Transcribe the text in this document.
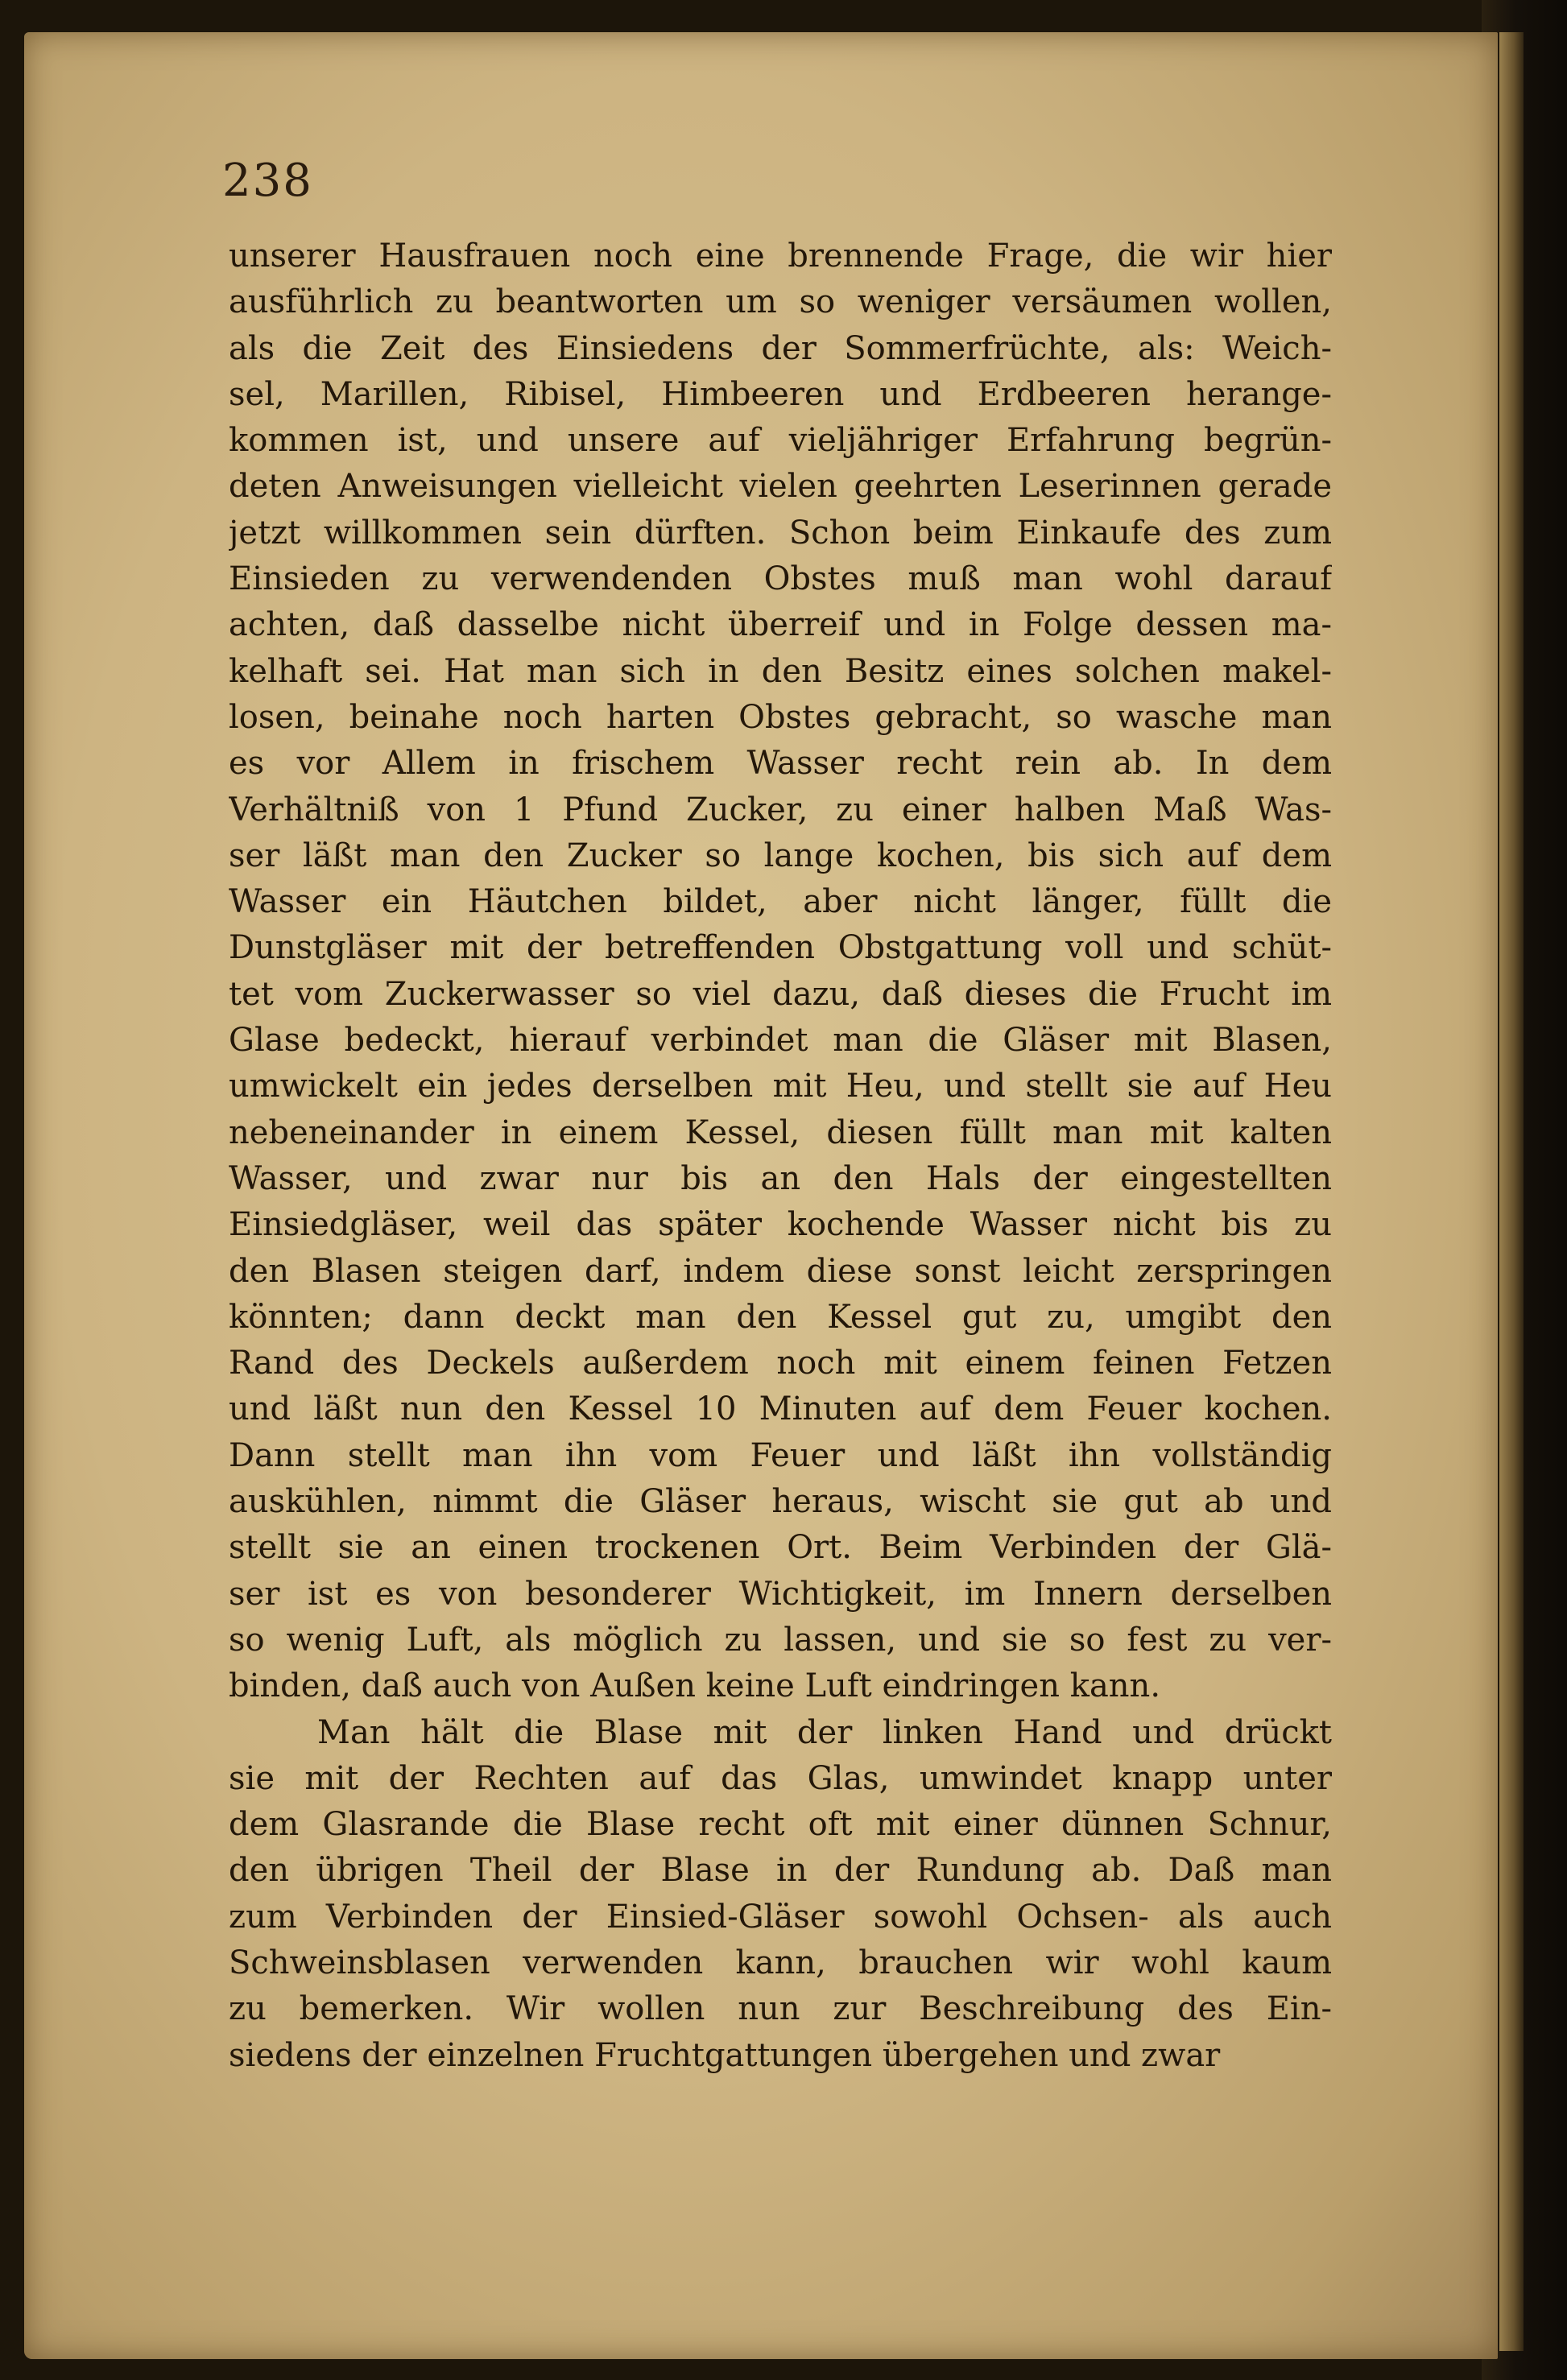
238

unserer Hausfrauen noch eine brennende Frage, die wir hier
ausführlich zu beantworten um so weniger versäumen wollen,
als die Zeit des Einsiedens der Sommerfrüchte, als: Weich-
sel, Marillen, Ribisel, Himbeeren und Erdbeeren herange-
kommen ist, und unsere auf vieljähriger Erfahrung begrün-
deten Anweisungen vielleicht vielen geehrten Leserinnen gerade
jetzt willkommen sein dürften. Schon beim Einkaufe des zum
Einsieden zu verwendenden Obstes muß man wohl darauf
achten, daß dasselbe nicht überreif und in Folge dessen ma-
kelhaft sei. Hat man sich in den Besitz eines solchen makel-
losen, beinahe noch harten Obstes gebracht, so wasche man
es vor Allem in frischem Wasser recht rein ab. In dem
Verhältniß von 1 Pfund Zucker, zu einer halben Maß Was-
ser läßt man den Zucker so lange kochen, bis sich auf dem
Wasser ein Häutchen bildet, aber nicht länger, füllt die
Dunstgläser mit der betreffenden Obstgattung voll und schüt-
tet vom Zuckerwasser so viel dazu, daß dieses die Frucht im
Glase bedeckt, hierauf verbindet man die Gläser mit Blasen,
umwickelt ein jedes derselben mit Heu, und stellt sie auf Heu
nebeneinander in einem Kessel, diesen füllt man mit kalten
Wasser, und zwar nur bis an den Hals der eingestellten
Einsiedgläser, weil das später kochende Wasser nicht bis zu
den Blasen steigen darf, indem diese sonst leicht zerspringen
könnten; dann deckt man den Kessel gut zu, umgibt den
Rand des Deckels außerdem noch mit einem feinen Fetzen
und läßt nun den Kessel 10 Minuten auf dem Feuer kochen.
Dann stellt man ihn vom Feuer und läßt ihn vollständig
auskühlen, nimmt die Gläser heraus, wischt sie gut ab und
stellt sie an einen trockenen Ort. Beim Verbinden der Glä-
ser ist es von besonderer Wichtigkeit, im Innern derselben
so wenig Luft, als möglich zu lassen, und sie so fest zu ver-
binden, daß auch von Außen keine Luft eindringen kann.
Man hält die Blase mit der linken Hand und drückt
sie mit der Rechten auf das Glas, umwindet knapp unter
dem Glasrande die Blase recht oft mit einer dünnen Schnur,
den übrigen Theil der Blase in der Rundung ab. Daß man
zum Verbinden der Einsied-Gläser sowohl Ochsen- als auch
Schweinsblasen verwenden kann, brauchen wir wohl kaum
zu bemerken. Wir wollen nun zur Beschreibung des Ein-
siedens der einzelnen Fruchtgattungen übergehen und zwar
